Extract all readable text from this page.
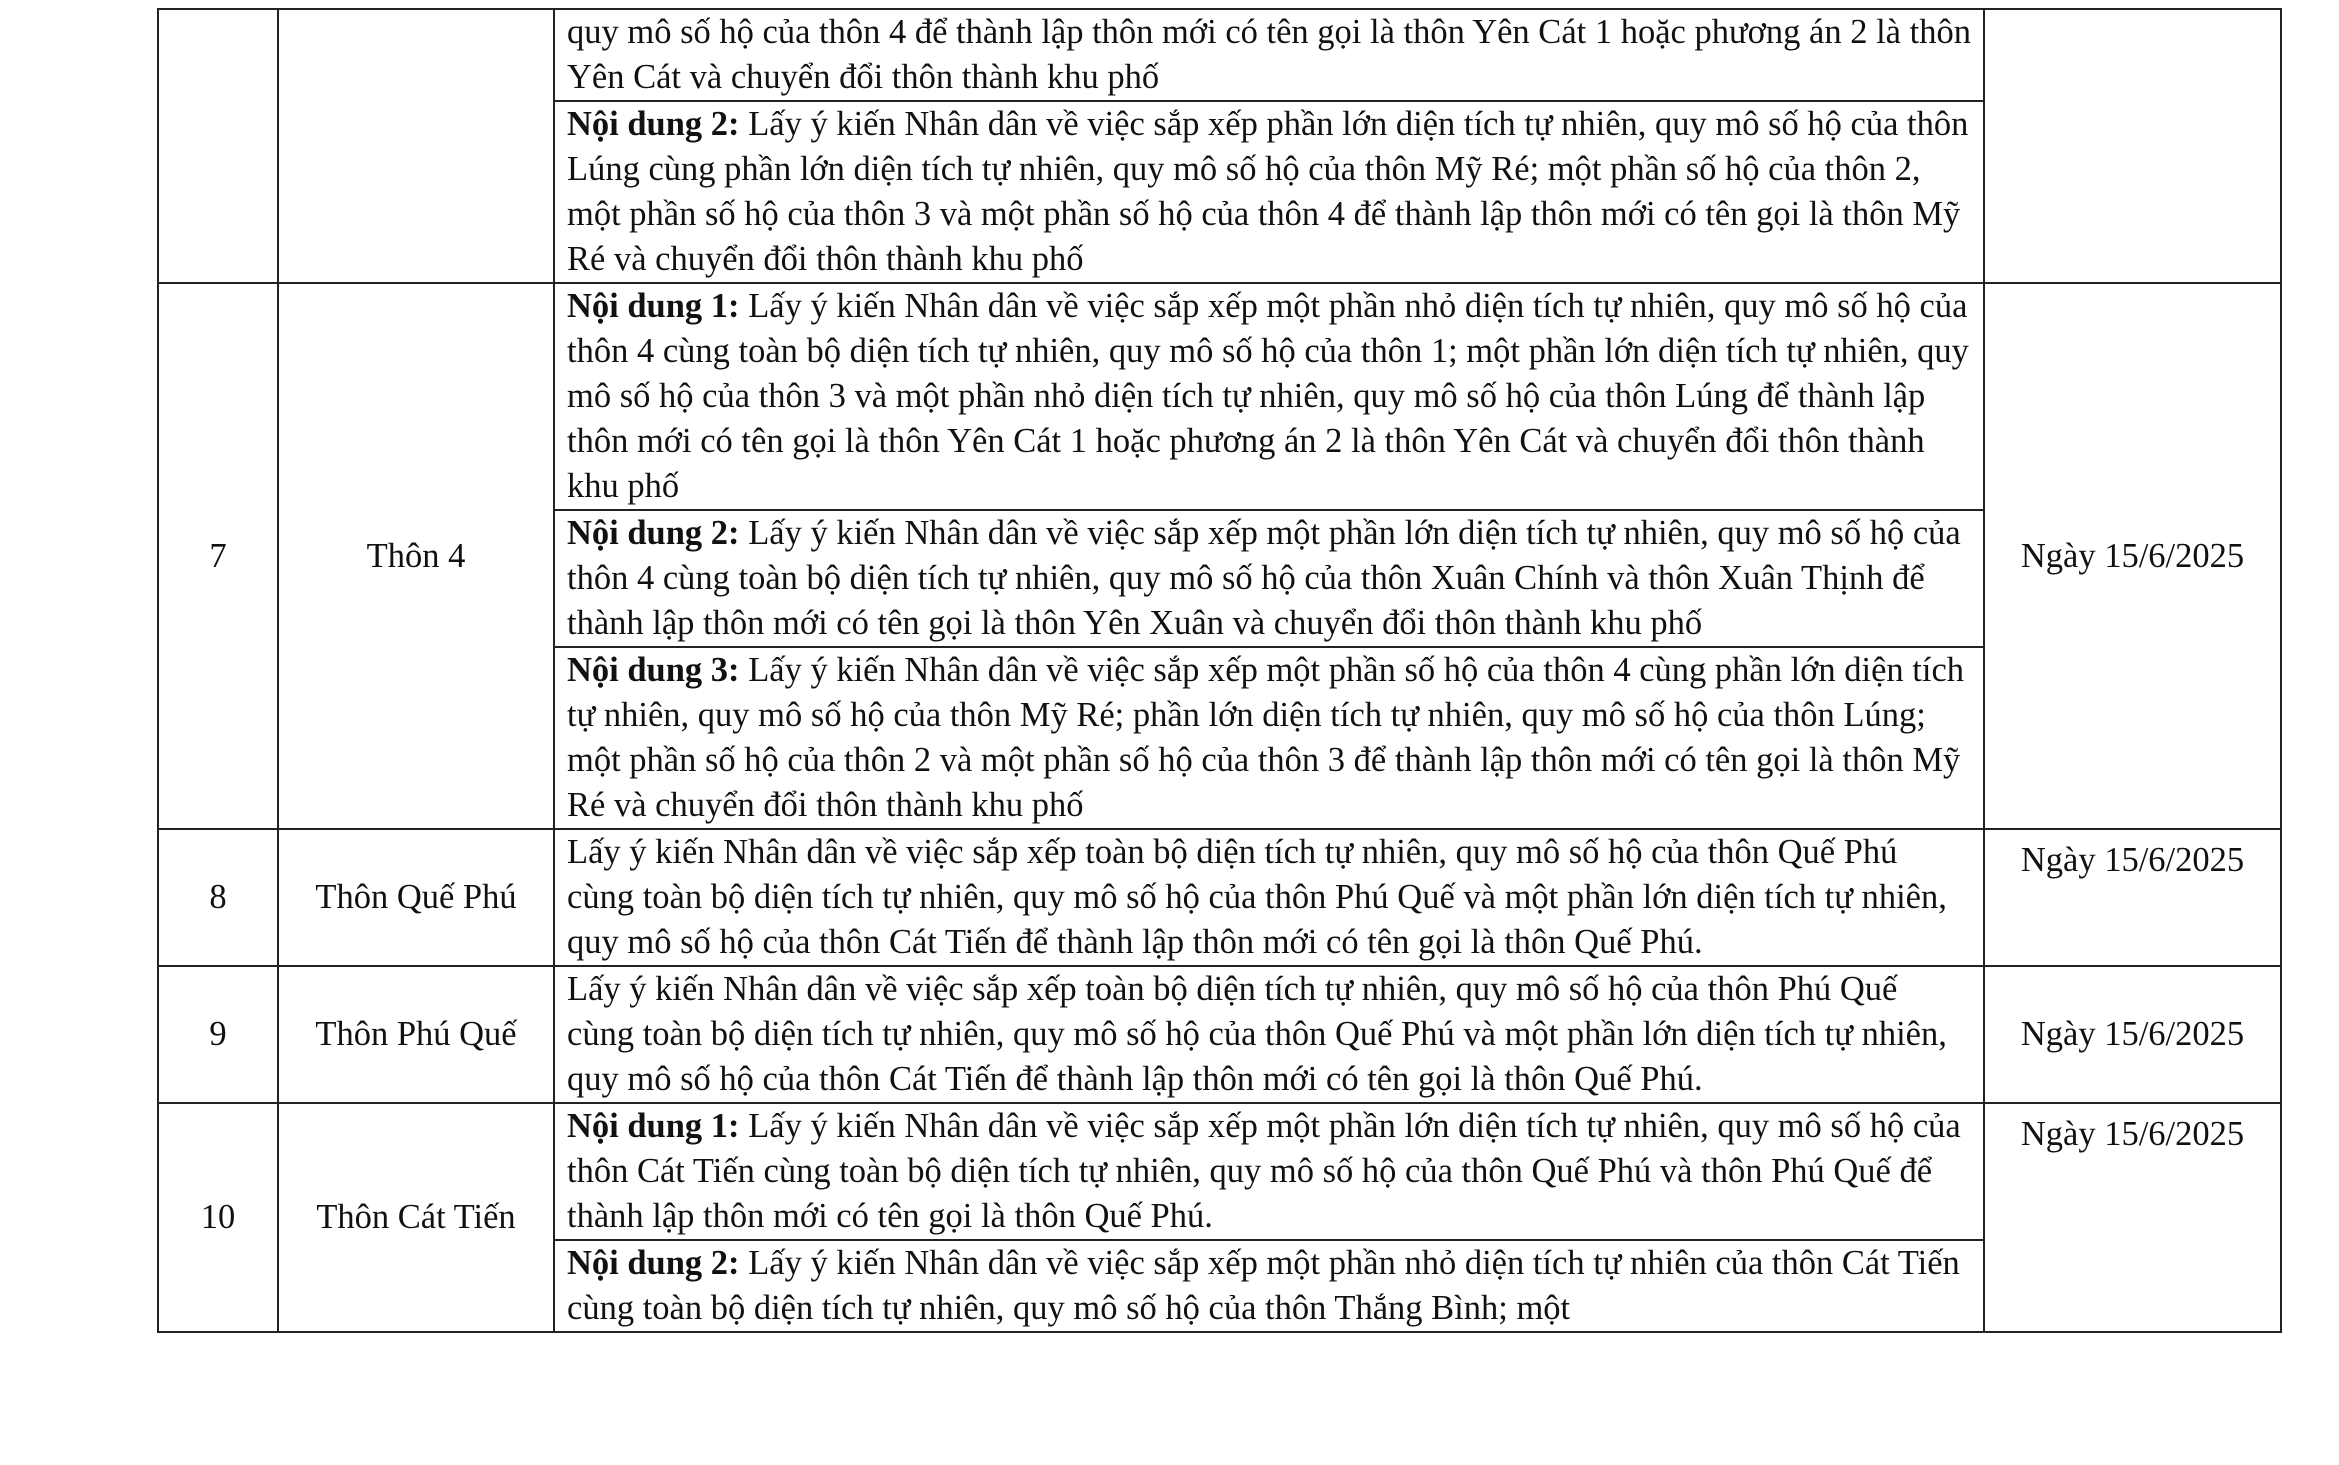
		quy mô số hộ của thôn 4 để thành lập thôn mới có tên gọi là thôn Yên Cát 1 hoặc phương án 2 là thôn Yên Cát và chuyển đổi thôn thành khu phố	

		Nội dung 2: Lấy ý kiến Nhân dân về việc sắp xếp phần lớn diện tích tự nhiên, quy mô số hộ của thôn Lúng cùng phần lớn diện tích tự nhiên, quy mô số hộ của thôn Mỹ Ré; một phần số hộ của thôn 2, một phần số hộ của thôn 3 và một phần số hộ của thôn 4 để thành lập thôn mới có tên gọi là thôn Mỹ Ré và chuyển đổi thôn thành khu phố	

7	Thôn 4	Nội dung 1: Lấy ý kiến Nhân dân về việc sắp xếp một phần nhỏ diện tích tự nhiên, quy mô số hộ của thôn 4 cùng toàn bộ diện tích tự nhiên, quy mô số hộ của thôn 1; một phần lớn diện tích tự nhiên, quy mô số hộ của thôn 3 và một phần nhỏ diện tích tự nhiên, quy mô số hộ của thôn Lúng để thành lập thôn mới có tên gọi là thôn Yên Cát 1 hoặc phương án 2 là thôn Yên Cát và chuyển đổi thôn thành khu phố	Ngày 15/6/2025

		Nội dung 2: Lấy ý kiến Nhân dân về việc sắp xếp một phần lớn diện tích tự nhiên, quy mô số hộ của thôn 4 cùng toàn bộ diện tích tự nhiên, quy mô số hộ của thôn Xuân Chính và thôn Xuân Thịnh để thành lập thôn mới có tên gọi là thôn Yên Xuân và chuyển đổi thôn thành khu phố	

		Nội dung 3: Lấy ý kiến Nhân dân về việc sắp xếp một phần số hộ của thôn 4 cùng phần lớn diện tích tự nhiên, quy mô số hộ của thôn Mỹ Ré; phần lớn diện tích tự nhiên, quy mô số hộ của thôn Lúng; một phần số hộ của thôn 2 và một phần số hộ của thôn 3 để thành lập thôn mới có tên gọi là thôn Mỹ Ré và chuyển đổi thôn thành khu phố	

8	Thôn Quế Phú	Lấy ý kiến Nhân dân về việc sắp xếp toàn bộ diện tích tự nhiên, quy mô số hộ của thôn Quế Phú cùng toàn bộ diện tích tự nhiên, quy mô số hộ của thôn Phú Quế và một phần lớn diện tích tự nhiên, quy mô số hộ của thôn Cát Tiến để thành lập thôn mới có tên gọi là thôn Quế Phú.	Ngày 15/6/2025
9	Thôn Phú Quế	Lấy ý kiến Nhân dân về việc sắp xếp toàn bộ diện tích tự nhiên, quy mô số hộ của thôn Phú Quế cùng toàn bộ diện tích tự nhiên, quy mô số hộ của thôn Quế Phú và một phần lớn diện tích tự nhiên, quy mô số hộ của thôn Cát Tiến để thành lập thôn mới có tên gọi là thôn Quế Phú.	Ngày 15/6/2025
10	Thôn Cát Tiến	Nội dung 1: Lấy ý kiến Nhân dân về việc sắp xếp một phần lớn diện tích tự nhiên, quy mô số hộ của thôn Cát Tiến cùng toàn bộ diện tích tự nhiên, quy mô số hộ của thôn Quế Phú và thôn Phú Quế để thành lập thôn mới có tên gọi là thôn Quế Phú.	Ngày 15/6/2025

		Nội dung 2: Lấy ý kiến Nhân dân về việc sắp xếp một phần nhỏ diện tích tự nhiên của thôn Cát Tiến cùng toàn bộ diện tích tự nhiên, quy mô số hộ của thôn Thắng Bình; một	
